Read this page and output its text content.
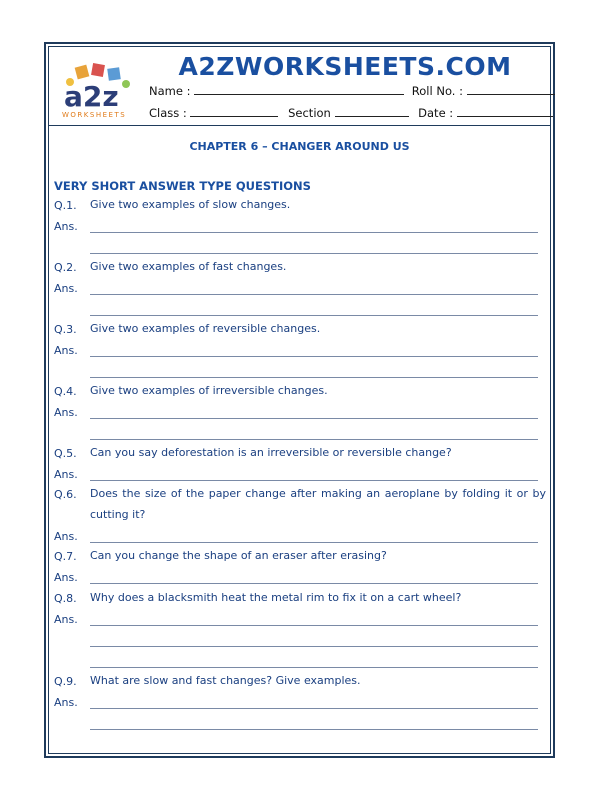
a2z
WORKSHEETS
A2ZWORKSHEETS.COM
Name :	Roll No. :
Class :	Section	Date :
CHAPTER 6 – CHANGER AROUND US
VERY SHORT ANSWER TYPE QUESTIONS
Q.1. Give two examples of slow changes.
Ans.
Q.2. Give two examples of fast changes.
Ans.
Q.3. Give two examples of reversible changes.
Ans.
Q.4. Give two examples of irreversible changes.
Ans.
Q.5. Can you say deforestation is an irreversible or reversible change?
Ans.
Q.6. Does the size of the paper change after making an aeroplane by folding it or by cutting it?
Ans.
Q.7. Can you change the shape of an eraser after erasing?
Ans.
Q.8. Why does a blacksmith heat the metal rim to fix it on a cart wheel?
Ans.
Q.9. What are slow and fast changes? Give examples.
Ans.
